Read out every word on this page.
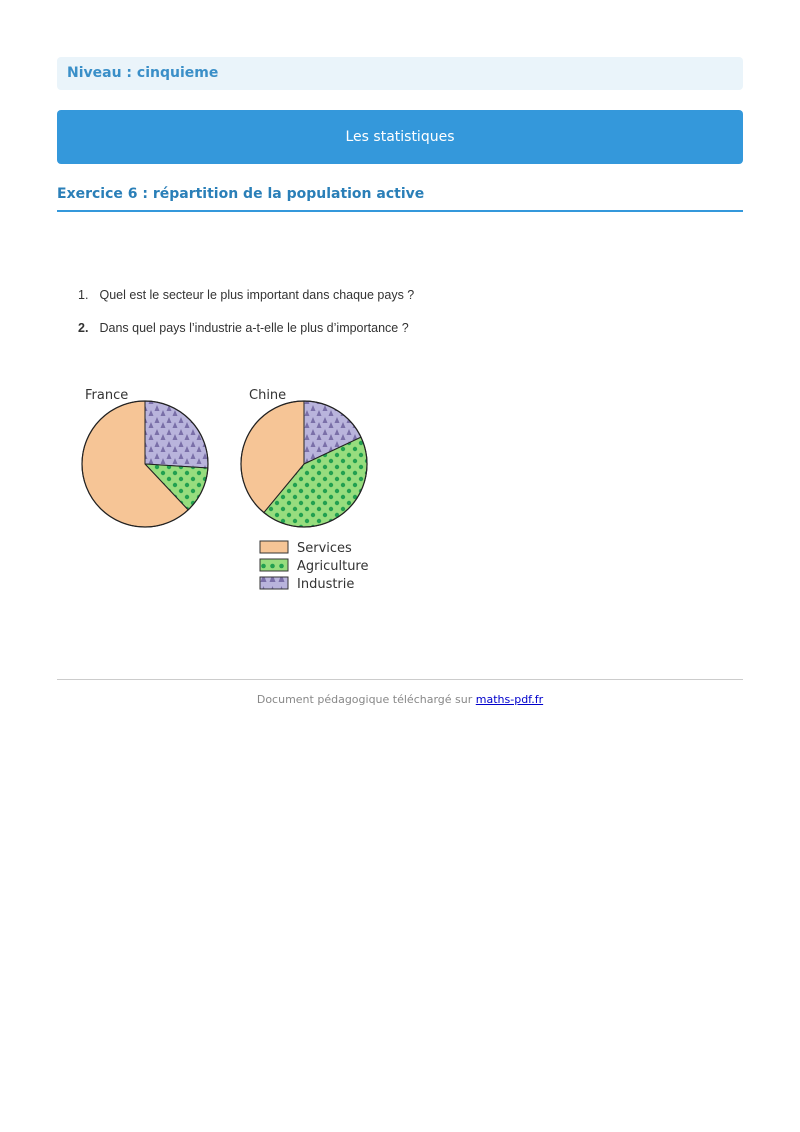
Niveau : cinquieme
Les statistiques
Exercice 6 : répartition de la population active
1. Quel est le secteur le plus important dans chaque pays ?
2. Dans quel pays l’industrie a-t-elle le plus d’importance ?
France	Chine
Services
Agriculture
Industrie
Document pédagogique téléchargé sur maths-pdf.fr
